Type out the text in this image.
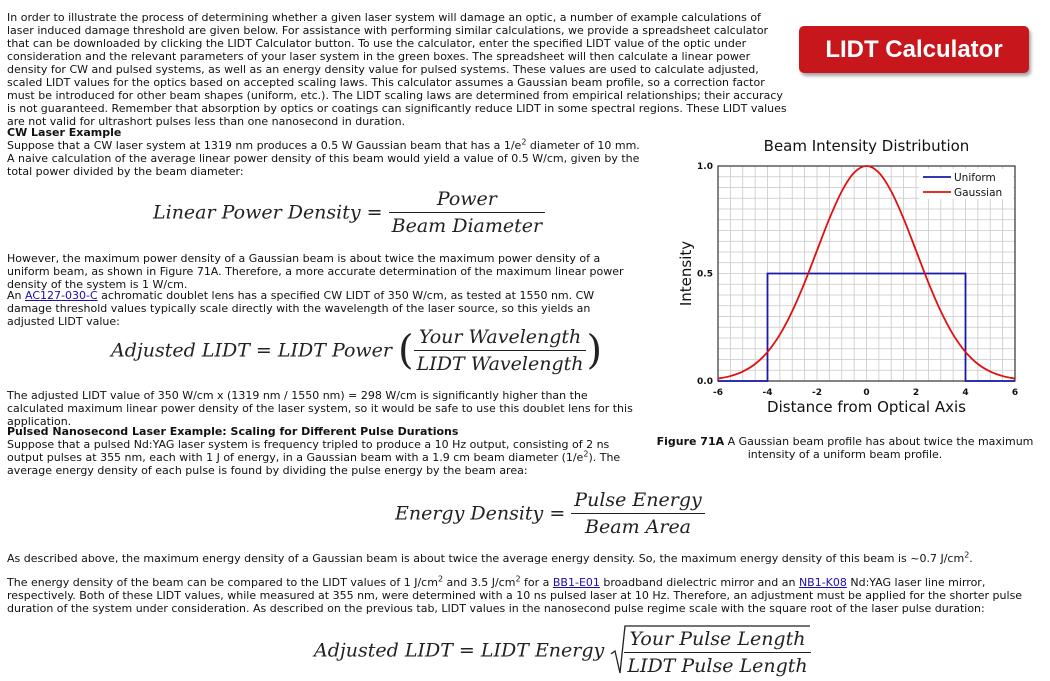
In order to illustrate the process of determining whether a given laser system will damage an optic, a number of example calculations of laser induced damage threshold are given below. For assistance with performing similar calculations, we provide a spreadsheet calculator that can be downloaded by clicking the LIDT Calculator button. To use the calculator, enter the specified LIDT value of the optic under consideration and the relevant parameters of your laser system in the green boxes. The spreadsheet will then calculate a linear power density for CW and pulsed systems, as well as an energy density value for pulsed systems. These values are used to calculate adjusted, scaled LIDT values for the optics based on accepted scaling laws. This calculator assumes a Gaussian beam profile, so a correction factor must be introduced for other beam shapes (uniform, etc.). The LIDT scaling laws are determined from empirical relationships; their accuracy is not guaranteed. Remember that absorption by optics or coatings can significantly reduce LIDT in some spectral regions. These LIDT values are not valid for ultrashort pulses less than one nanosecond in duration.

LIDT Calculator
CW Laser Example

Suppose that a CW laser system at 1319 nm produces a 0.5 W Gaussian beam that has a $1/e^2$ diameter of 10 mm. A naive calculation of the average linear power density of this beam would yield a value of 0.5 W/cm, given by the total power divided by the beam diameter:

Linear Power Density = $\frac{\text{Power}}{\text{Beam Diameter}}$

However, the maximum power density of a Gaussian beam is about twice the maximum power density of a uniform beam, as shown in Figure 71A. Therefore, a more accurate determination of the maximum linear power density of the system is 1 W/cm.

An AC127-030-C achromatic doublet lens has a specified CW LIDT of 350 W/cm, as tested at 1550 nm. CW damage threshold values typically scale directly with the wavelength of the laser source, so this yields an adjusted LIDT value:

Adjusted LIDT = LIDT Power ( $\frac{\text{Your Wavelength}}{\text{LIDT Wavelength}}$ )

The adjusted LIDT value of 350 W/cm x (1319 nm / 1550 nm) = 298 W/cm is significantly higher than the calculated maximum linear power density of the laser system, so it would be safe to use this doublet lens for this application.

Pulsed Nanosecond Laser Example: Scaling for Different Pulse Durations

Suppose that a pulsed Nd:YAG laser system is frequency tripled to produce a 10 Hz output, consisting of 2 ns output pulses at 355 nm, each with 1 J of energy, in a Gaussian beam with a 1.9 cm beam diameter $(1/e^2)$. The average energy density of each pulse is found by dividing the pulse energy by the beam area:

Energy Density = $\frac{\text{Pulse Energy}}{\text{Beam Area}}$

As described above, the maximum energy density of a Gaussian beam is about twice the average energy density. So, the maximum energy density of this beam is ~0.7 $J/cm^2$.

The energy density of the beam can be compared to the LIDT values of 1 $J/cm^2$ and 3.5 $J/cm^2$ for a BB1-E01 broadband dielectric mirror and an NB1-K08 Nd:YAG laser line mirror, respectively. Both of these LIDT values, while measured at 355 nm, were determined with a 10 ns pulsed laser at 10 Hz. Therefore, an adjustment must be applied for the shorter pulse duration of the system under consideration. As described on the previous tab, LIDT values in the nanosecond pulse regime scale with the square root of the laser pulse duration:

Adjusted LIDT = LIDT Energy $\frac{\text{Your Pulse Length}}{\text{LIDT Pulse Length}}$
Beam Intensity Distribution
-6	-4	-2	0	2	4	6
0.0
0.5
1.0
Distance from Optical Axis
Intensity
Uniform
Gaussian
Figure 71A A Gaussian beam profile has about twice the maximum intensity of a uniform beam profile.
